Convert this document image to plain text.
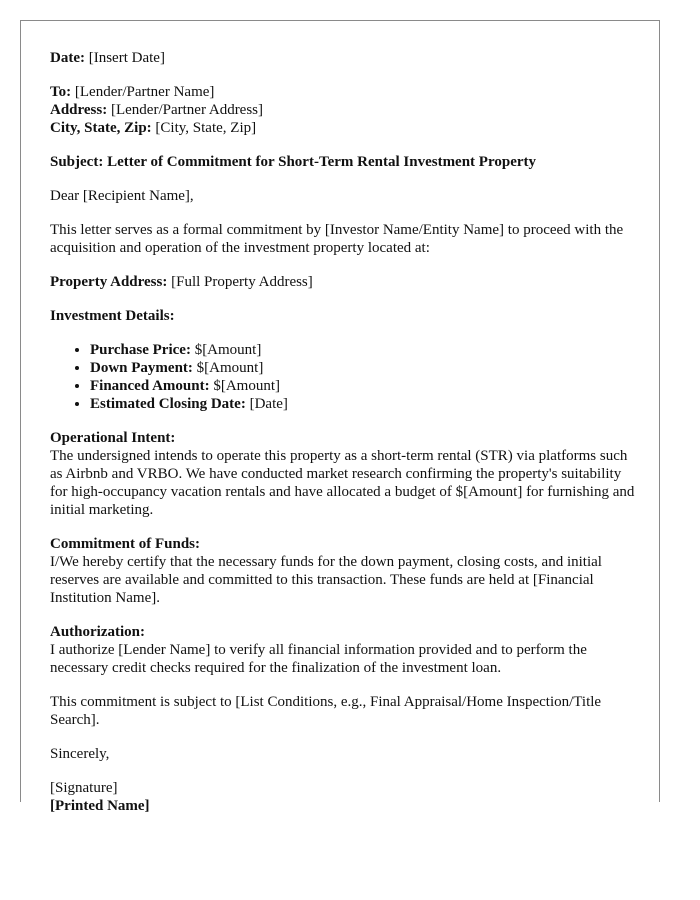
Date: [Insert Date]

To: [Lender/Partner Name]
Address: [Lender/Partner Address]
City, State, Zip: [City, State, Zip]

Subject: Letter of Commitment for Short-Term Rental Investment Property

Dear [Recipient Name],

This letter serves as a formal commitment by [Investor Name/Entity Name] to proceed with the acquisition and operation of the investment property located at:

Property Address: [Full Property Address]

Investment Details:

• Purchase Price: $[Amount]
• Down Payment: $[Amount]
• Financed Amount: $[Amount]
• Estimated Closing Date: [Date]

Operational Intent:
The undersigned intends to operate this property as a short-term rental (STR) via platforms such as Airbnb and VRBO. We have conducted market research confirming the property's suitability for high-occupancy vacation rentals and have allocated a budget of $[Amount] for furnishing and initial marketing.

Commitment of Funds:
I/We hereby certify that the necessary funds for the down payment, closing costs, and initial reserves are available and committed to this transaction. These funds are held at [Financial Institution Name].

Authorization:
I authorize [Lender Name] to verify all financial information provided and to perform the necessary credit checks required for the finalization of the investment loan.

This commitment is subject to [List Conditions, e.g., Final Appraisal/Home Inspection/Title Search].

Sincerely,

[Signature]
[Printed Name]
